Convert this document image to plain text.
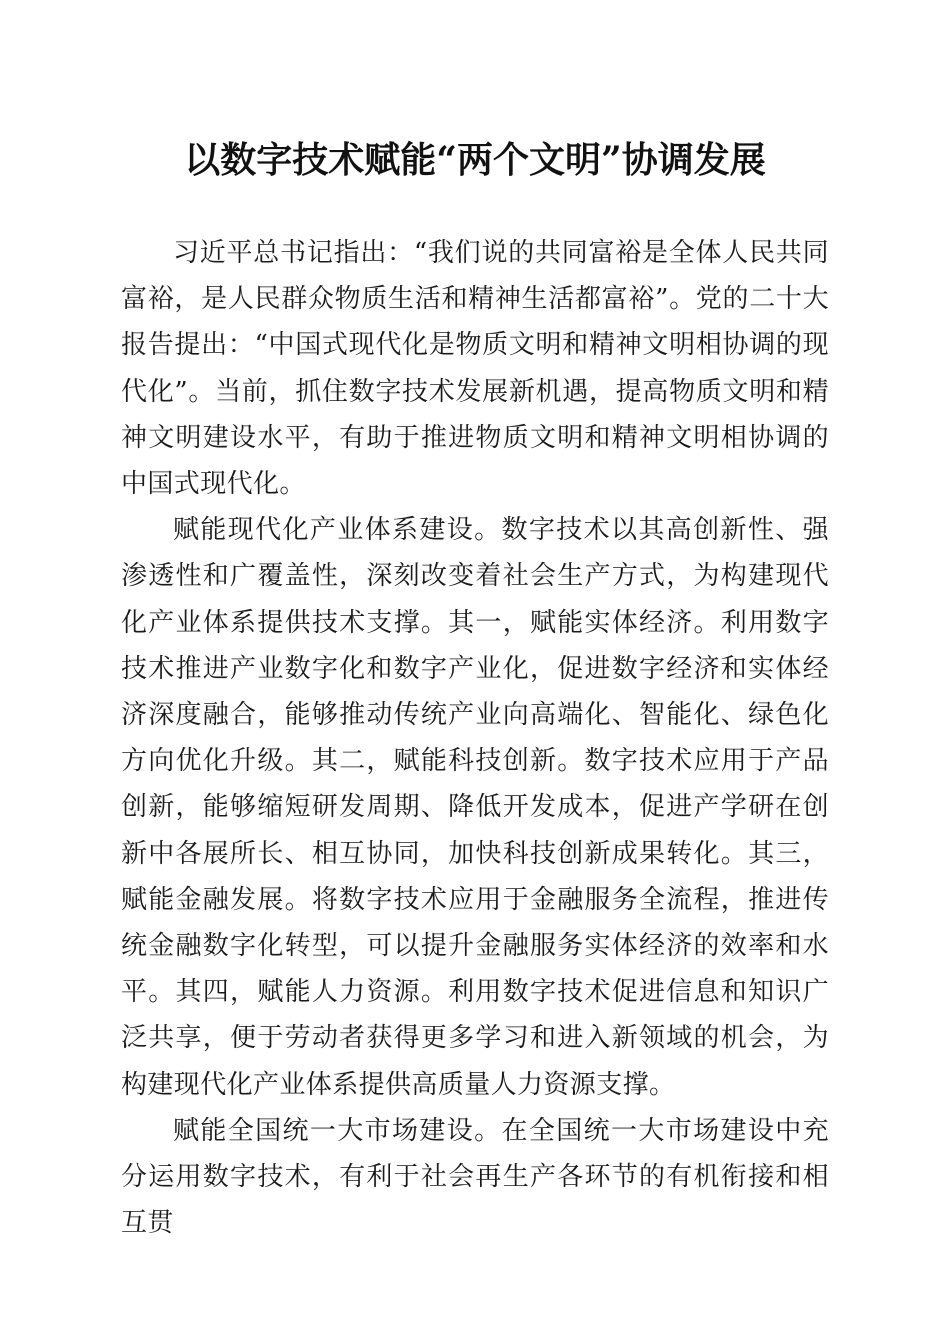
以数字技术赋能“两个文明”协调发展

习近平总书记指出：“我们说的共同富裕是全体人民共同富裕，是人民群众物质生活和精神生活都富裕”。党的二十大报告提出：“中国式现代化是物质文明和精神文明相协调的现代化”。当前，抓住数字技术发展新机遇，提高物质文明和精神文明建设水平，有助于推进物质文明和精神文明相协调的中国式现代化。

赋能现代化产业体系建设。数字技术以其高创新性、强渗透性和广覆盖性，深刻改变着社会生产方式，为构建现代化产业体系提供技术支撑。其一，赋能实体经济。利用数字技术推进产业数字化和数字产业化，促进数字经济和实体经济深度融合，能够推动传统产业向高端化、智能化、绿色化方向优化升级。其二，赋能科技创新。数字技术应用于产品创新，能够缩短研发周期、降低开发成本，促进产学研在创新中各展所长、相互协同，加快科技创新成果转化。其三，赋能金融发展。将数字技术应用于金融服务全流程，推进传统金融数字化转型，可以提升金融服务实体经济的效率和水平。其四，赋能人力资源。利用数字技术促进信息和知识广泛共享，便于劳动者获得更多学习和进入新领域的机会，为构建现代化产业体系提供高质量人力资源支撑。

赋能全国统一大市场建设。在全国统一大市场建设中充分运用数字技术，有利于社会再生产各环节的有机衔接和相互贯
